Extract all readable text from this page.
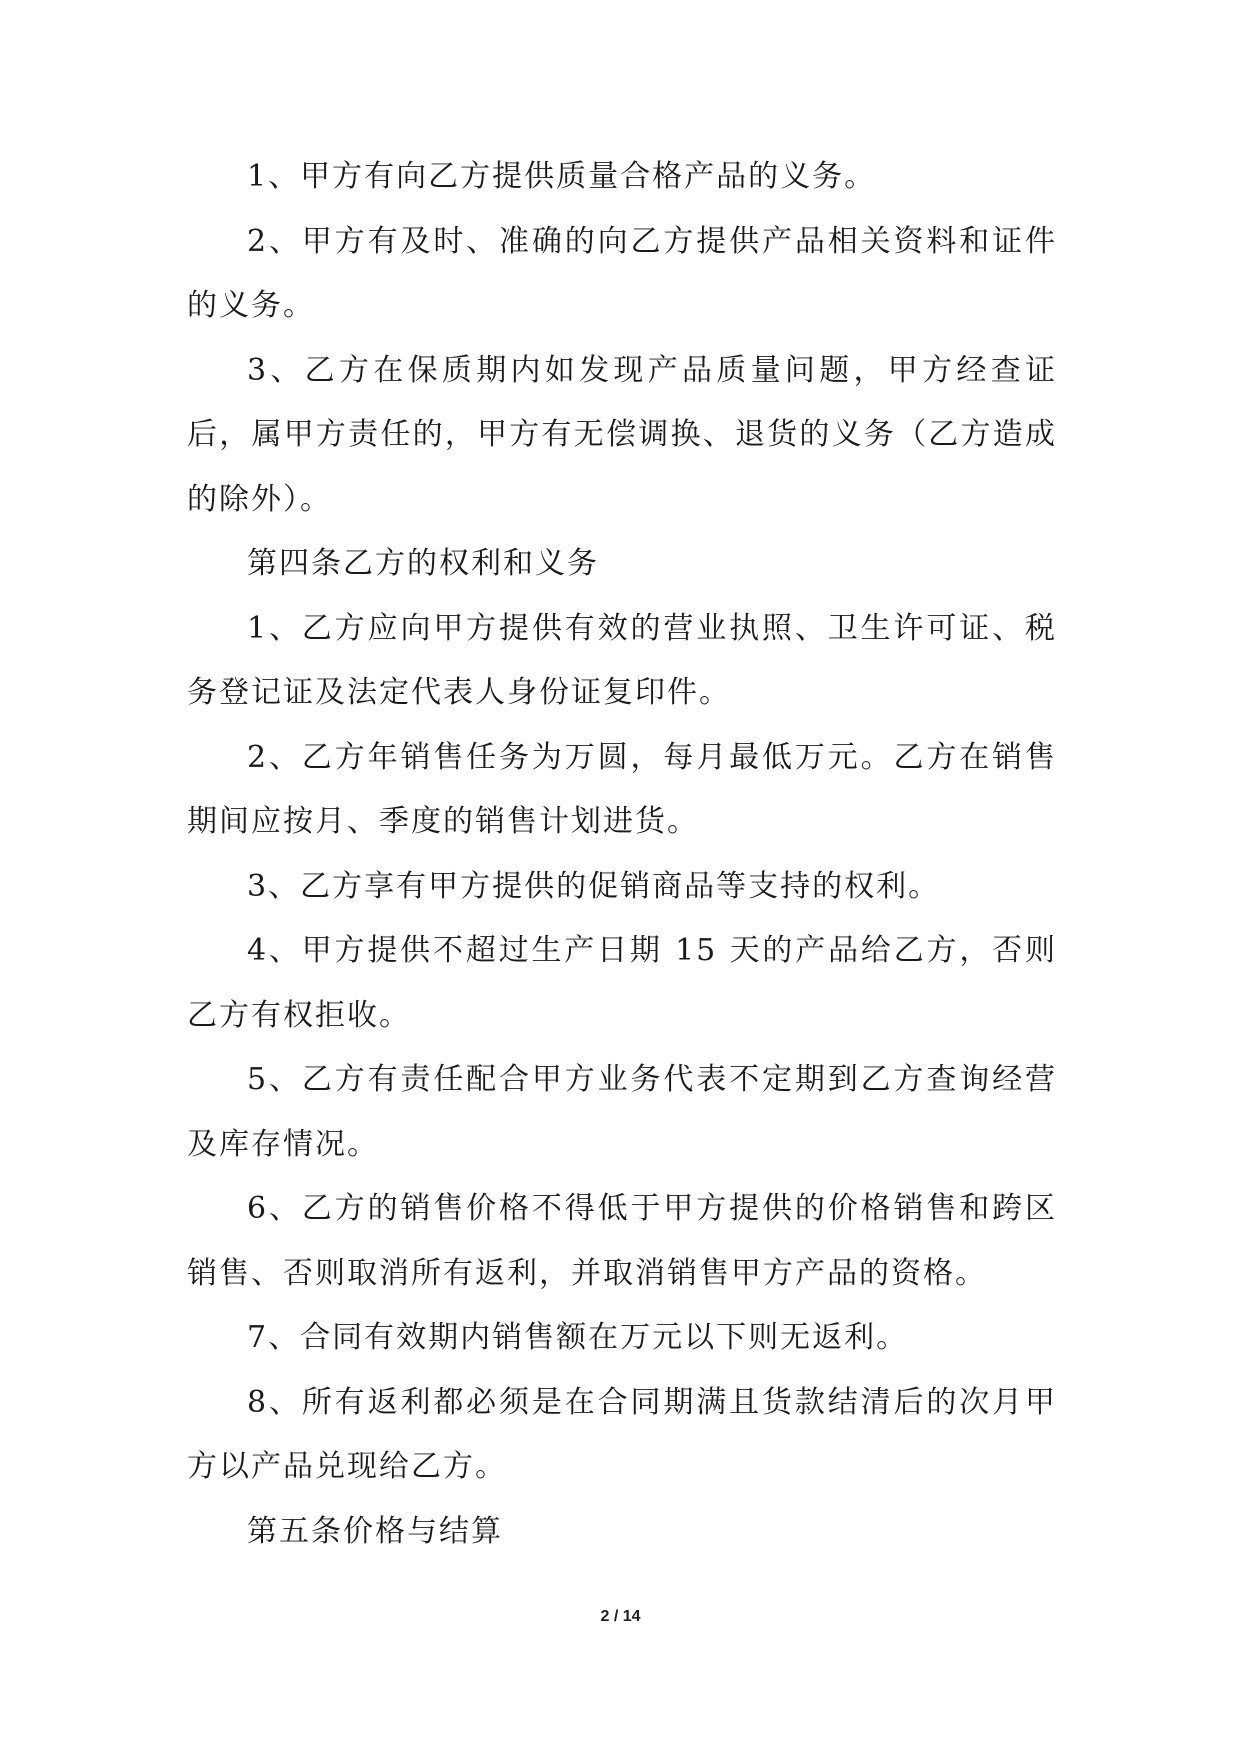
1、甲方有向乙方提供质量合格产品的义务。

2、甲方有及时、准确的向乙方提供产品相关资料和证件的义务。

3、乙方在保质期内如发现产品质量问题，甲方经查证后，属甲方责任的，甲方有无偿调换、退货的义务（乙方造成的除外）。

第四条乙方的权利和义务

1、乙方应向甲方提供有效的营业执照、卫生许可证、税务登记证及法定代表人身份证复印件。

2、乙方年销售任务为万圆，每月最低万元。乙方在销售期间应按月、季度的销售计划进货。

3、乙方享有甲方提供的促销商品等支持的权利。

4、甲方提供不超过生产日期 15 天的产品给乙方，否则乙方有权拒收。

5、乙方有责任配合甲方业务代表不定期到乙方查询经营及库存情况。

6、乙方的销售价格不得低于甲方提供的价格销售和跨区销售、否则取消所有返利，并取消销售甲方产品的资格。

7、合同有效期内销售额在万元以下则无返利。

8、所有返利都必须是在合同期满且货款结清后的次月甲方以产品兑现给乙方。

第五条价格与结算

2 / 14
